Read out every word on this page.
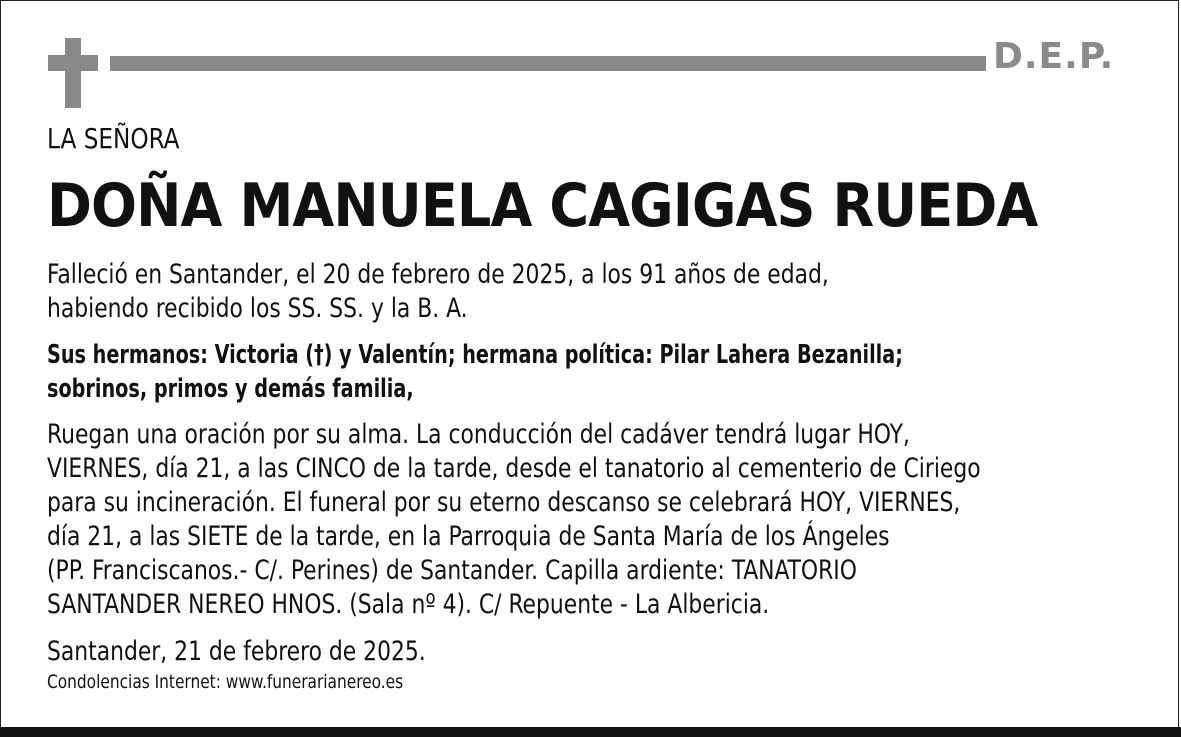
D.E.P.
LA SEÑORA
DOÑA MANUELA CAGIGAS RUEDA
Falleció en Santander, el 20 de febrero de 2025, a los 91 años de edad,
habiendo recibido los SS. SS. y la B. A.
Sus hermanos: Victoria (†) y Valentín; hermana política: Pilar Lahera Bezanilla;
sobrinos, primos y demás familia,
Ruegan una oración por su alma. La conducción del cadáver tendrá lugar HOY,
VIERNES, día 21, a las CINCO de la tarde, desde el tanatorio al cementerio de Ciriego
para su incineración. El funeral por su eterno descanso se celebrará HOY, VIERNES,
día 21, a las SIETE de la tarde, en la Parroquia de Santa María de los Ángeles
(PP. Franciscanos.- C/. Perines) de Santander. Capilla ardiente: TANATORIO
SANTANDER NEREO HNOS. (Sala nº 4). C/ Repuente - La Albericia.
Santander, 21 de febrero de 2025.
Condolencias Internet: www.funerarianereo.es
